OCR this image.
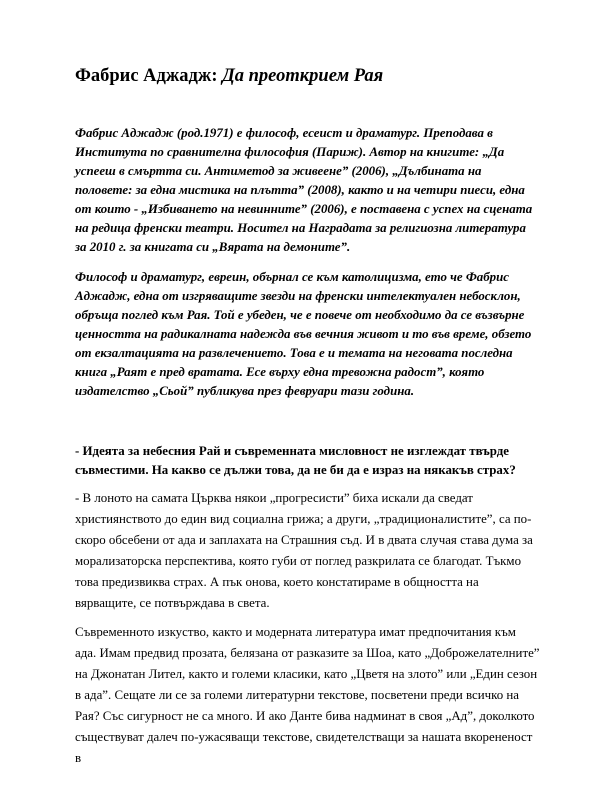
Фабрис Аджадж: Да преоткрием Рая

Фабрис Аджадж (род.1971) е философ, есеист и драматург. Преподава в Института по сравнителна философия (Париж). Автор на книгите: „Да успееш в смъртта си. Антиметод за живеене” (2006), „Дълбината на половете: за една мистика на плътта” (2008), както и на четири пиеси, една от които - „Избиването на невинните” (2006), е поставена с успех на сцената на редица френски театри. Носител на Наградата за религиозна литература за 2010 г. за книгата си „Вярата на демоните”.

Философ и драматург, евреин, обърнал се към католицизма, ето че Фабрис Аджадж, една от изгряващите звезди на френски интелектуален небосклон, обръща поглед към Рая. Той е убеден, че е повече от необходимо да се възвърне ценността на радикалната надежда във вечния живот и то във време, обзето от екзалтацията на развлечението. Това е и темата на неговата последна книга „Раят е пред вратата. Есе върху една тревожна радост”, която издателство „Сьой” публикува през февруари тази година.

- Идеята за небесния Рай и съвременната мисловност не изглеждат твърде съвместими. На какво се дължи това, да не би да е израз на някакъв страх?

- В лоното на самата Църква някои „прогресисти” биха искали да сведат християнството до един вид социална грижа; а други, „традиционалистите”, са по-скоро обсебени от ада и заплахата на Страшния съд. И в двата случая става дума за морализаторска перспектива, която губи от поглед разкрилата се благодат. Тъкмо това предизвиква страх. А пък онова, което констатираме в общността на вярващите, се потвърждава в света.

Съвременното изкуство, както и модерната литература имат предпочитания към ада. Имам предвид прозата, белязана от разказите за Шоа, като „Доброжелателните” на Джонатан Лител, както и големи класики, като „Цветя на злото” или „Един сезон в ада”. Сещате ли се за големи литературни текстове, посветени преди всичко на Рая? Със сигурност не са много. И ако Данте бива надминат в своя „Ад”, доколкото съществуват далеч по-ужасяващи текстове, свидетелстващи за нашата вкорененост в
